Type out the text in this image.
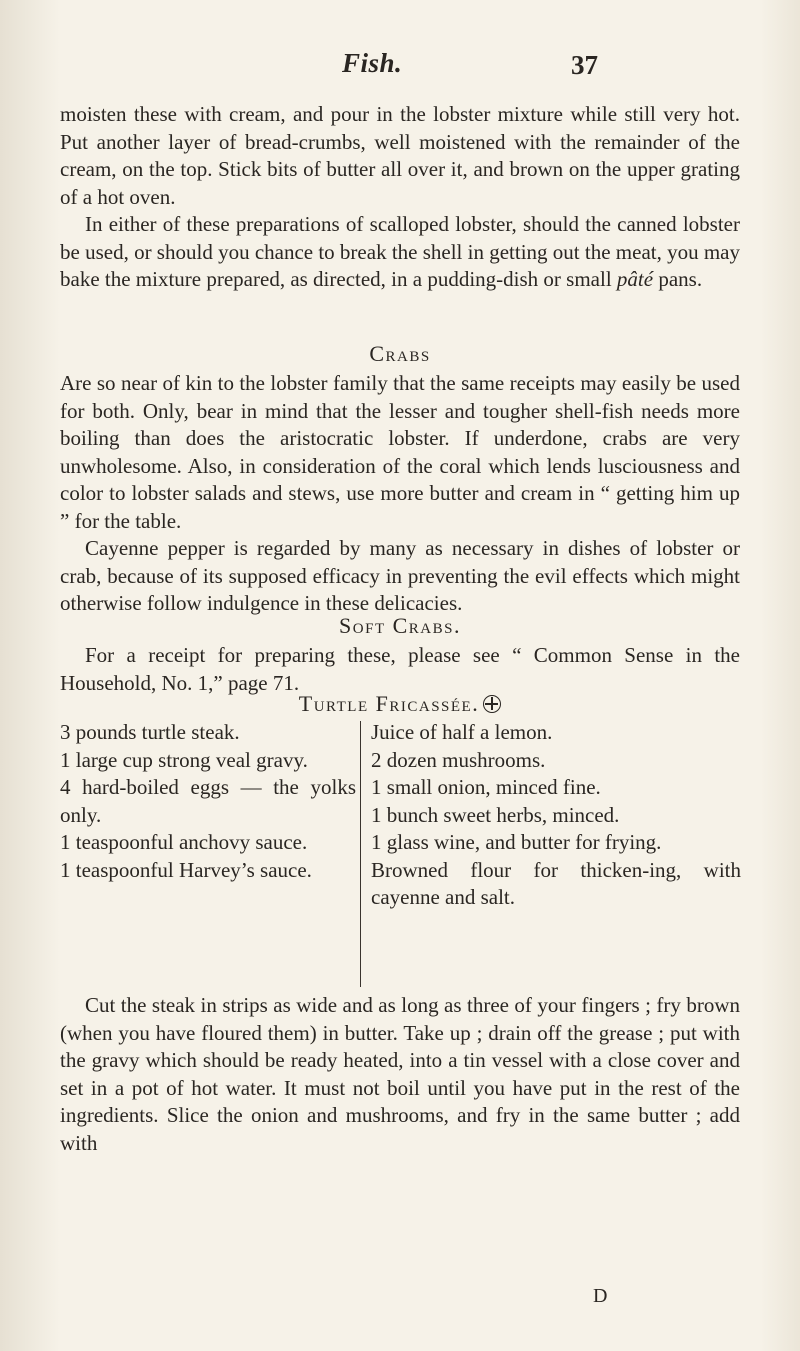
Fish.	37

moisten these with cream, and pour in the lobster mixture while still very hot. Put another layer of bread-crumbs, well moistened with the remainder of the cream, on the top. Stick bits of butter all over it, and brown on the upper grating of a hot oven.

In either of these preparations of scalloped lobster, should the canned lobster be used, or should you chance to break the shell in getting out the meat, you may bake the mixture prepared, as directed, in a pudding-dish or small pâté pans.

Crabs

Are so near of kin to the lobster family that the same receipts may easily be used for both. Only, bear in mind that the lesser and tougher shell-fish needs more boiling than does the aristocratic lobster. If underdone, crabs are very unwholesome. Also, in consideration of the coral which lends lusciousness and color to lobster salads and stews, use more butter and cream in “ getting him up ” for the table.

Cayenne pepper is regarded by many as necessary in dishes of lobster or crab, because of its supposed efficacy in preventing the evil effects which might otherwise follow indulgence in these delicacies.

Soft Crabs.

For a receipt for preparing these, please see “ Common Sense in the Household, No. 1,” page 71.

Turtle Fricassée.

3 pounds turtle steak.

1 large cup strong veal gravy.

4 hard-boiled eggs — the yolks only.

1 teaspoonful anchovy sauce.

1 teaspoonful Harvey’s sauce.

Juice of half a lemon.

2 dozen mushrooms.

1 small onion, minced fine.

1 bunch sweet herbs, minced.

1 glass wine, and butter for frying.

Browned flour for thicken-ing, with cayenne and salt.

Cut the steak in strips as wide and as long as three of your fingers ; fry brown (when you have floured them) in butter. Take up ; drain off the grease ; put with the gravy which should be ready heated, into a tin vessel with a close cover and set in a pot of hot water. It must not boil until you have put in the rest of the ingredients. Slice the onion and mushrooms, and fry in the same butter ; add with

D
